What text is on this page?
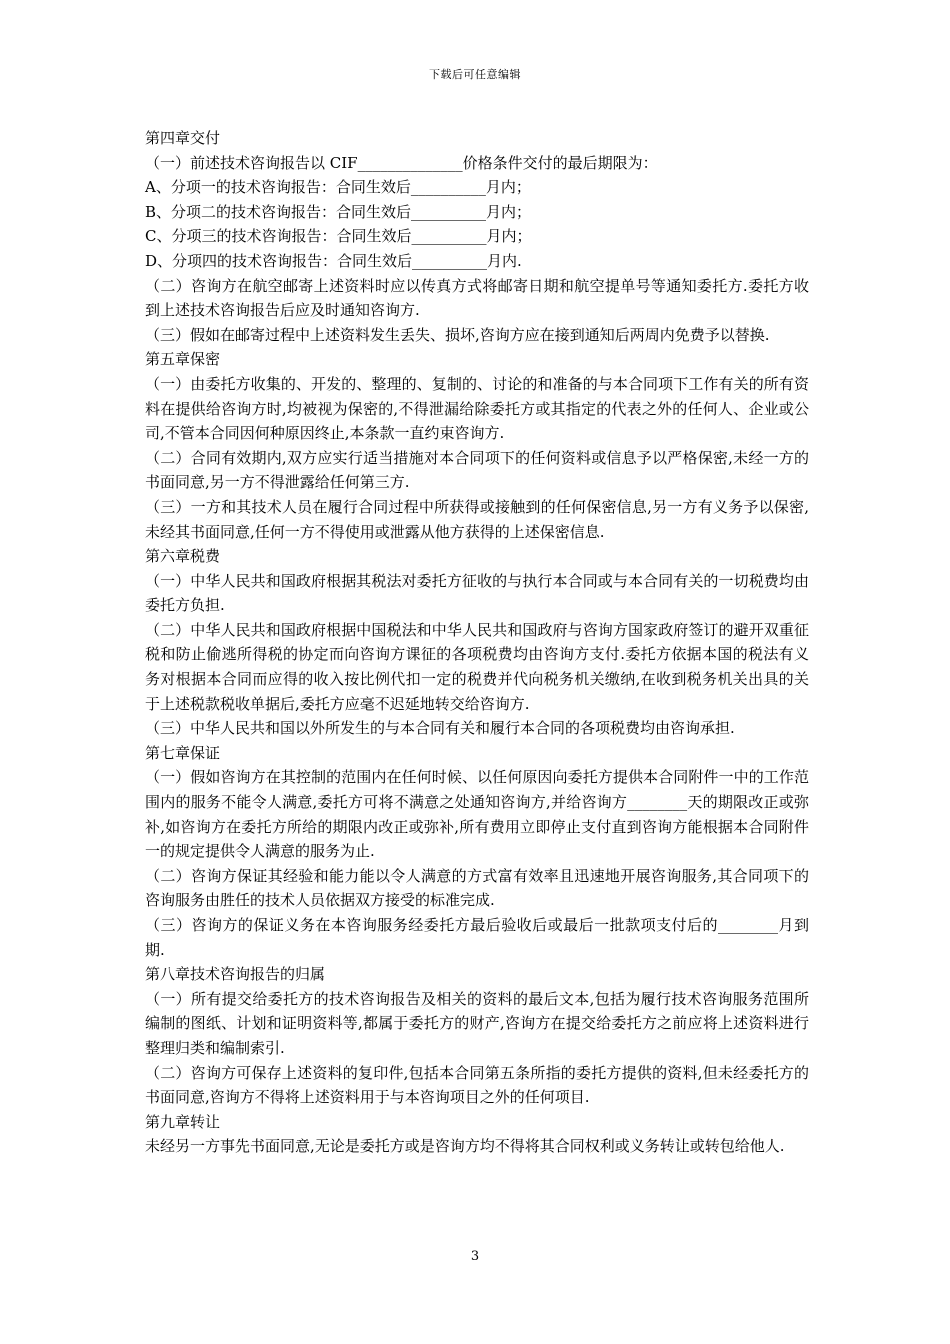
下载后可任意编辑

第四章交付

（一）前述技术咨询报告以 CIF______________价格条件交付的最后期限为：

A、分项一的技术咨询报告：合同生效后__________月内；

B、分项二的技术咨询报告：合同生效后__________月内；

C、分项三的技术咨询报告：合同生效后__________月内；

D、分项四的技术咨询报告：合同生效后__________月内.

（二）咨询方在航空邮寄上述资料时应以传真方式将邮寄日期和航空提单号等通知委托方.委托方收到上述技术咨询报告后应及时通知咨询方.

（三）假如在邮寄过程中上述资料发生丢失、损坏,咨询方应在接到通知后两周内免费予以替换.

第五章保密

（一）由委托方收集的、开发的、整理的、复制的、讨论的和准备的与本合同项下工作有关的所有资料在提供给咨询方时,均被视为保密的,不得泄漏给除委托方或其指定的代表之外的任何人、企业或公司,不管本合同因何种原因终止,本条款一直约束咨询方.

（二）合同有效期内,双方应实行适当措施对本合同项下的任何资料或信息予以严格保密,未经一方的书面同意,另一方不得泄露给任何第三方.

（三）一方和其技术人员在履行合同过程中所获得或接触到的任何保密信息,另一方有义务予以保密,未经其书面同意,任何一方不得使用或泄露从他方获得的上述保密信息.

第六章税费

（一）中华人民共和国政府根据其税法对委托方征收的与执行本合同或与本合同有关的一切税费均由委托方负担.

（二）中华人民共和国政府根据中国税法和中华人民共和国政府与咨询方国家政府签订的避开双重征税和防止偷逃所得税的协定而向咨询方课征的各项税费均由咨询方支付.委托方依据本国的税法有义务对根据本合同而应得的收入按比例代扣一定的税费并代向税务机关缴纳,在收到税务机关出具的关于上述税款税收单据后,委托方应毫不迟延地转交给咨询方.

（三）中华人民共和国以外所发生的与本合同有关和履行本合同的各项税费均由咨询承担.

第七章保证

（一）假如咨询方在其控制的范围内在任何时候、以任何原因向委托方提供本合同附件一中的工作范围内的服务不能令人满意,委托方可将不满意之处通知咨询方,并给咨询方________天的期限改正或弥补,如咨询方在委托方所给的期限内改正或弥补,所有费用立即停止支付直到咨询方能根据本合同附件一的规定提供令人满意的服务为止.

（二）咨询方保证其经验和能力能以令人满意的方式富有效率且迅速地开展咨询服务,其合同项下的咨询服务由胜任的技术人员依据双方接受的标准完成.

（三）咨询方的保证义务在本咨询服务经委托方最后验收后或最后一批款项支付后的________月到期.

第八章技术咨询报告的归属

（一）所有提交给委托方的技术咨询报告及相关的资料的最后文本,包括为履行技术咨询服务范围所编制的图纸、计划和证明资料等,都属于委托方的财产,咨询方在提交给委托方之前应将上述资料进行整理归类和编制索引.

（二）咨询方可保存上述资料的复印件,包括本合同第五条所指的委托方提供的资料,但未经委托方的书面同意,咨询方不得将上述资料用于与本咨询项目之外的任何项目.

第九章转让

未经另一方事先书面同意,无论是委托方或是咨询方均不得将其合同权利或义务转让或转包给他人.

3
